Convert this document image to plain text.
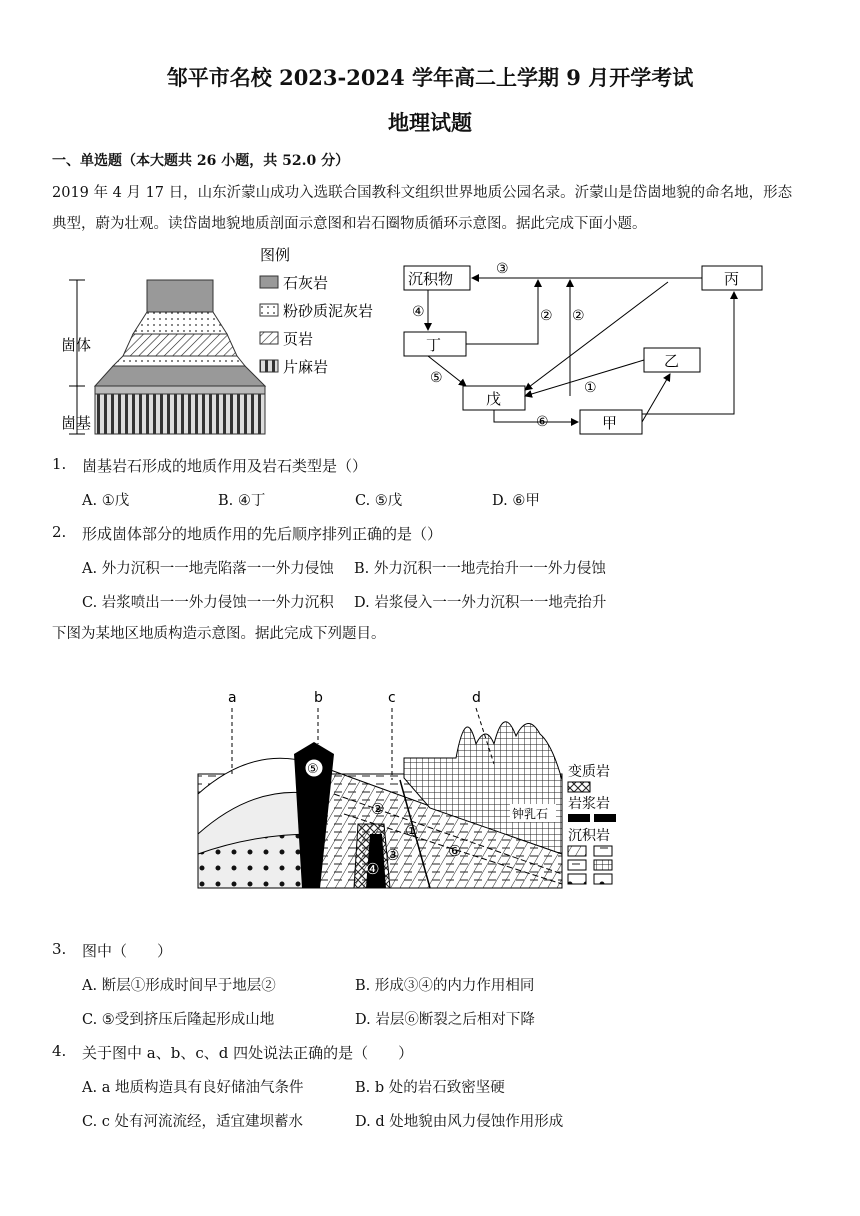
邹平市名校 2023-2024 学年高二上学期 9 月开学考试
地理试题
一、单选题（本大题共 26 小题，共 52.0 分）
2019 年 4 月 17 日，山东沂蒙山成功入选联合国教科文组织世界地质公园名录。沂蒙山是岱崮地貌的命名地，形态
典型，蔚为壮观。读岱崮地貌地质剖面示意图和岩石圈物质循环示意图。据此完成下面小题。
崮体
崮基
图例
石灰岩
粉砂质泥灰岩
页岩
片麻岩
沉积物	丙
丁
乙
戊
甲
③
④	② ②
⑤
①
⑥
1. 崮基岩石形成的地质作用及岩石类型是（）
A. ①戊	B. ④丁	C. ⑤戊	D. ⑥甲
2. 形成崮体部分的地质作用的先后顺序排列正确的是（）
A. 外力沉积一一地壳陷落一一外力侵蚀 B. 外力沉积一一地壳抬升一一外力侵蚀
C. 岩浆喷出一一外力侵蚀一一外力沉积 D. 岩浆侵入一一外力沉积一一地壳抬升
下图为某地区地质构造示意图。据此完成下列题目。
a	b	c	d
⑤
②
①
③
④
⑥
钟乳石
变质岩
岩浆岩
沉积岩
3. 图中（　　）
A. 断层①形成时间早于地层②	B. 形成③④的内力作用相同
C. ⑤受到挤压后隆起形成山地	D. 岩层⑥断裂之后相对下降
4. 关于图中 a、b、c、d 四处说法正确的是（　　）
A. a 地质构造具有良好储油气条件	B. b 处的岩石致密坚硬
C. c 处有河流流经，适宜建坝蓄水	D. d 处地貌由风力侵蚀作用形成
